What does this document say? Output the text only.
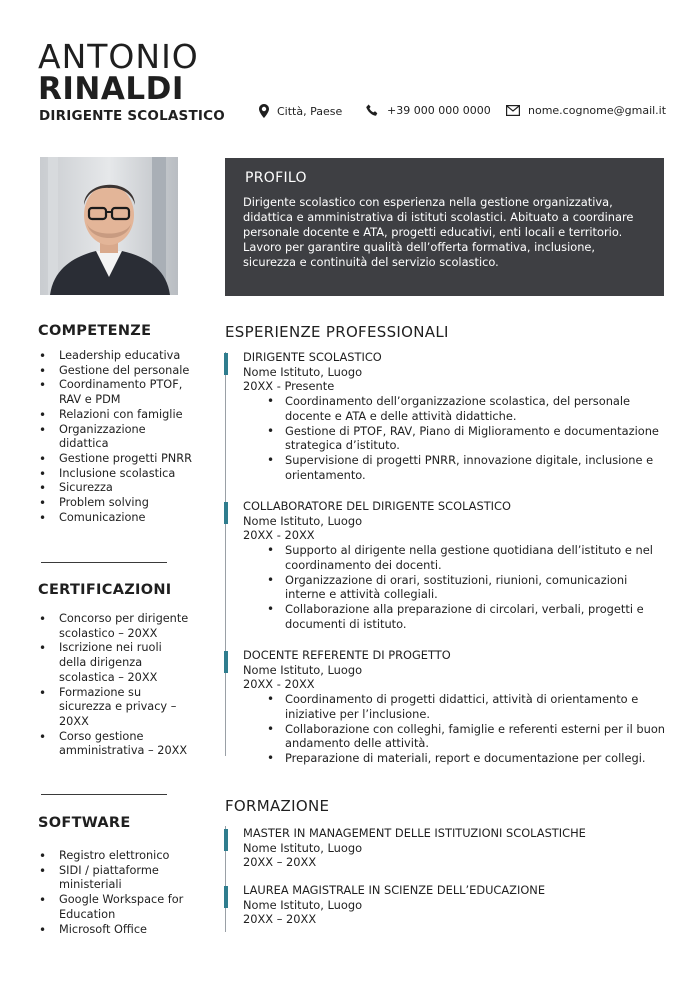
ANTONIO
RINALDI
DIRIGENTE SCOLASTICO	Città, Paese	+39 000 000 0000	nome.cognome@gmail.it
PROFILO
Dirigente scolastico con esperienza nella gestione organizzativa, didattica e amministrativa di istituti scolastici. Abituato a coordinare personale docente e ATA, progetti educativi, enti locali e territorio. Lavoro per garantire qualità dell’offerta formativa, inclusione, sicurezza e continuità del servizio scolastico.
COMPETENZE
• Leadership educativa
• Gestione del personale
• Coordinamento PTOF, RAV e PDM
• Relazioni con famiglie
• Organizzazione didattica
• Gestione progetti PNRR
• Inclusione scolastica
• Sicurezza
• Problem solving
• Comunicazione
CERTIFICAZIONI
• Concorso per dirigente scolastico – 20XX
• Iscrizione nei ruoli della dirigenza scolastica – 20XX
• Formazione su sicurezza e privacy – 20XX
• Corso gestione amministrativa – 20XX
SOFTWARE
• Registro elettronico
• SIDI / piattaforme ministeriali
• Google Workspace for Education
• Microsoft Office
ESPERIENZE PROFESSIONALI
DIRIGENTE SCOLASTICO
Nome Istituto, Luogo
20XX - Presente
• Coordinamento dell’organizzazione scolastica, del personale docente e ATA e delle attività didattiche.
• Gestione di PTOF, RAV, Piano di Miglioramento e documentazione strategica d’istituto.
• Supervisione di progetti PNRR, innovazione digitale, inclusione e orientamento.
COLLABORATORE DEL DIRIGENTE SCOLASTICO
Nome Istituto, Luogo
20XX - 20XX
• Supporto al dirigente nella gestione quotidiana dell’istituto e nel coordinamento dei docenti.
• Organizzazione di orari, sostituzioni, riunioni, comunicazioni interne e attività collegiali.
• Collaborazione alla preparazione di circolari, verbali, progetti e documenti di istituto.
DOCENTE REFERENTE DI PROGETTO
Nome Istituto, Luogo
20XX - 20XX
• Coordinamento di progetti didattici, attività di orientamento e iniziative per l’inclusione.
• Collaborazione con colleghi, famiglie e referenti esterni per il buon andamento delle attività.
• Preparazione di materiali, report e documentazione per collegi.
FORMAZIONE
MASTER IN MANAGEMENT DELLE ISTITUZIONI SCOLASTICHE
Nome Istituto, Luogo
20XX – 20XX
LAUREA MAGISTRALE IN SCIENZE DELL’EDUCAZIONE
Nome Istituto, Luogo
20XX – 20XX
